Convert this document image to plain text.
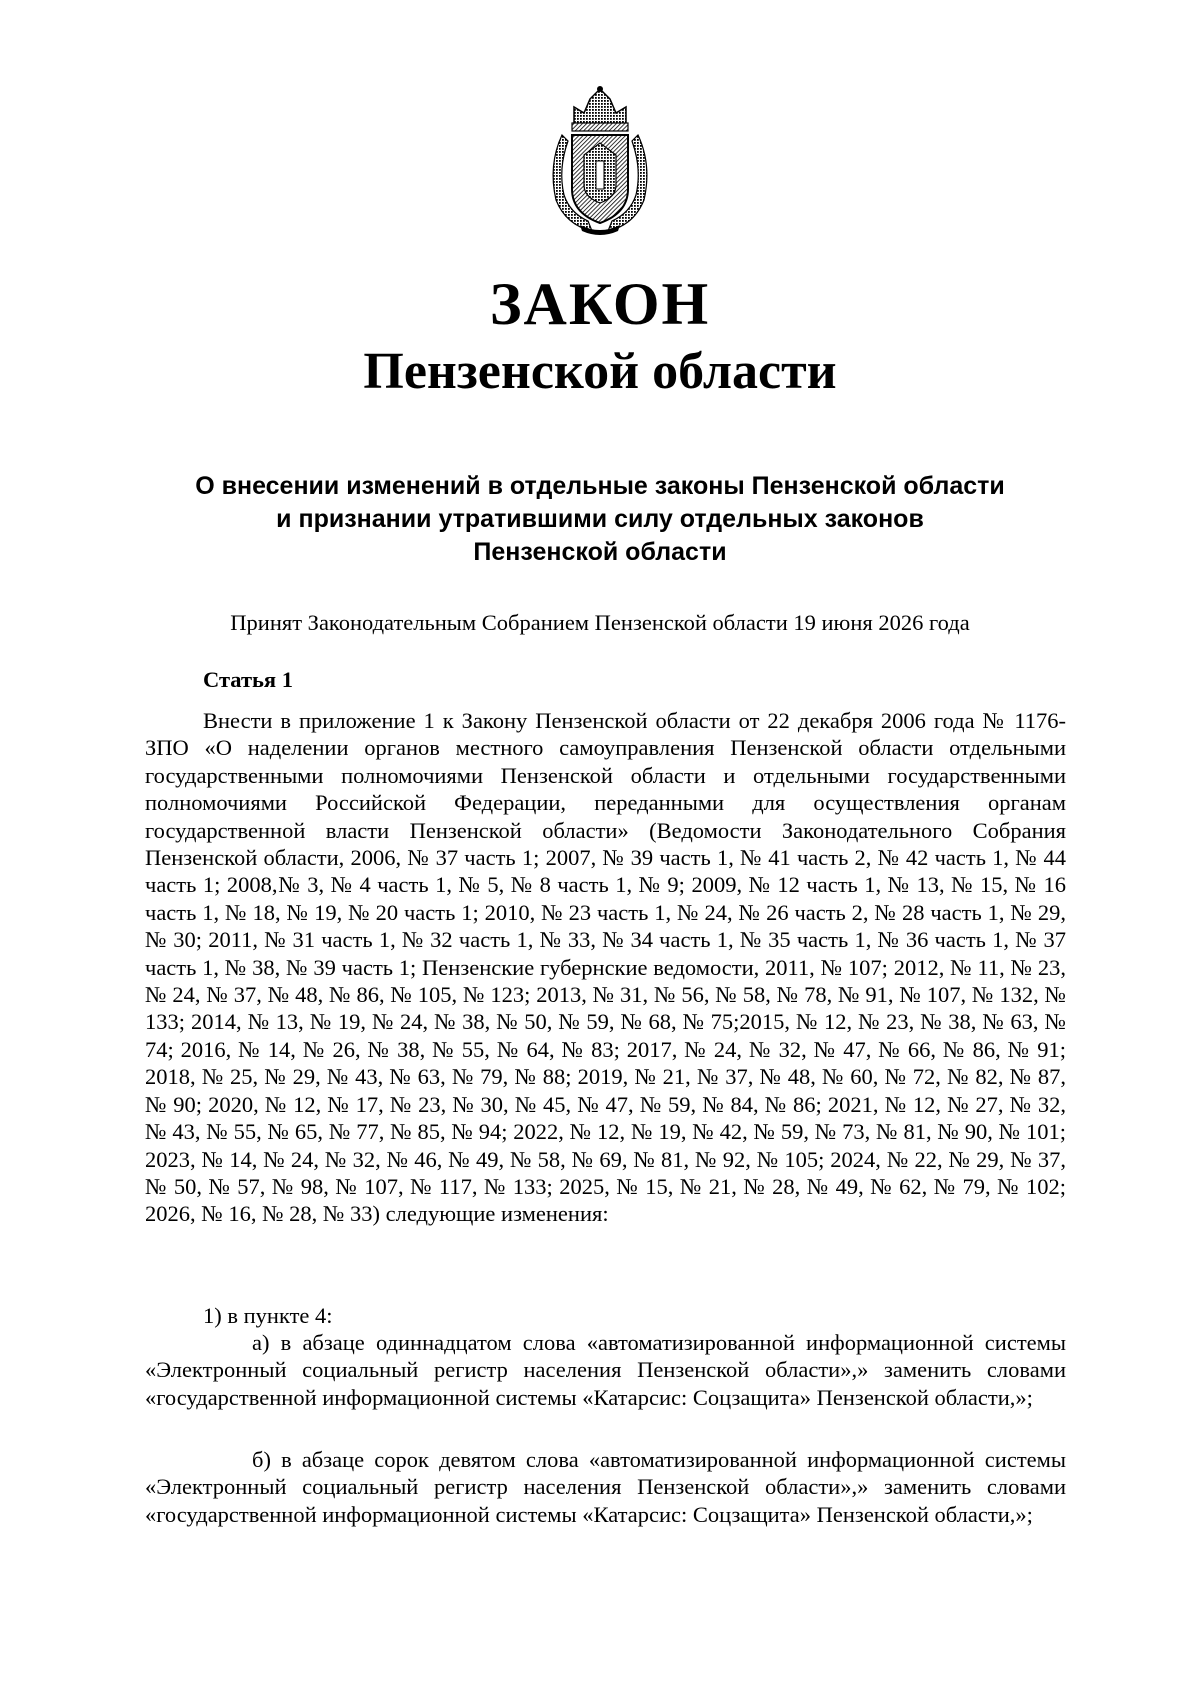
ЗАКОН
Пензенской области
О внесении изменений в отдельные законы Пензенской области
и признании утратившими силу отдельных законов
Пензенской области
Принят Законодательным Собранием Пензенской области 19 июня 2026 года
Статья 1
Внести в приложение 1 к Закону Пензенской области от 22 декабря 2006 года № 1176-ЗПО «О наделении органов местного самоуправления Пензенской области отдельными государственными полномочиями Пензенской области и отдельными государственными полномочиями Российской Федерации, переданными для осуществления органам государственной власти Пензенской области» (Ведомости Законодательного Собрания Пензенской области, 2006, № 37 часть 1; 2007, № 39 часть 1, № 41 часть 2, № 42 часть 1, № 44 часть 1; 2008,№ 3, № 4 часть 1, № 5, № 8 часть 1, № 9; 2009, № 12 часть 1, № 13, № 15, № 16 часть 1, № 18, № 19, № 20 часть 1; 2010, № 23 часть 1, № 24, № 26 часть 2, № 28 часть 1, № 29, № 30; 2011, № 31 часть 1, № 32 часть 1, № 33, № 34 часть 1, № 35 часть 1, № 36 часть 1, № 37 часть 1, № 38, № 39 часть 1; Пензенские губернские ведомости, 2011, № 107; 2012, № 11, № 23, № 24, № 37, № 48, № 86, № 105, № 123; 2013, № 31, № 56, № 58, № 78, № 91, № 107, № 132, № 133; 2014, № 13, № 19, № 24, № 38, № 50, № 59, № 68, № 75;2015, № 12, № 23, № 38, № 63, № 74; 2016, № 14, № 26, № 38, № 55, № 64, № 83; 2017, № 24, № 32, № 47, № 66, № 86, № 91; 2018, № 25, № 29, № 43, № 63, № 79, № 88; 2019, № 21, № 37, № 48, № 60, № 72, № 82, № 87, № 90; 2020, № 12, № 17, № 23, № 30, № 45, № 47, № 59, № 84, № 86; 2021, № 12, № 27, № 32, № 43, № 55, № 65, № 77, № 85, № 94; 2022, № 12, № 19, № 42, № 59, № 73, № 81, № 90, № 101; 2023, № 14, № 24, № 32, № 46, № 49, № 58, № 69, № 81, № 92, № 105; 2024, № 22, № 29, № 37, № 50, № 57, № 98, № 107, № 117, № 133; 2025, № 15, № 21, № 28, № 49, № 62, № 79, № 102; 2026, № 16, № 28, № 33) следующие изменения:
1) в пункте 4:
а) в абзаце одиннадцатом слова «автоматизированной информационной системы «Электронный социальный регистр населения Пензенской области»,» заменить словами «государственной информационной системы «Катарсис: Соцзащита» Пензенской области,»;
б) в абзаце сорок девятом слова «автоматизированной информационной системы «Электронный социальный регистр населения Пензенской области»,» заменить словами «государственной информационной системы «Катарсис: Соцзащита» Пензенской области,»;
